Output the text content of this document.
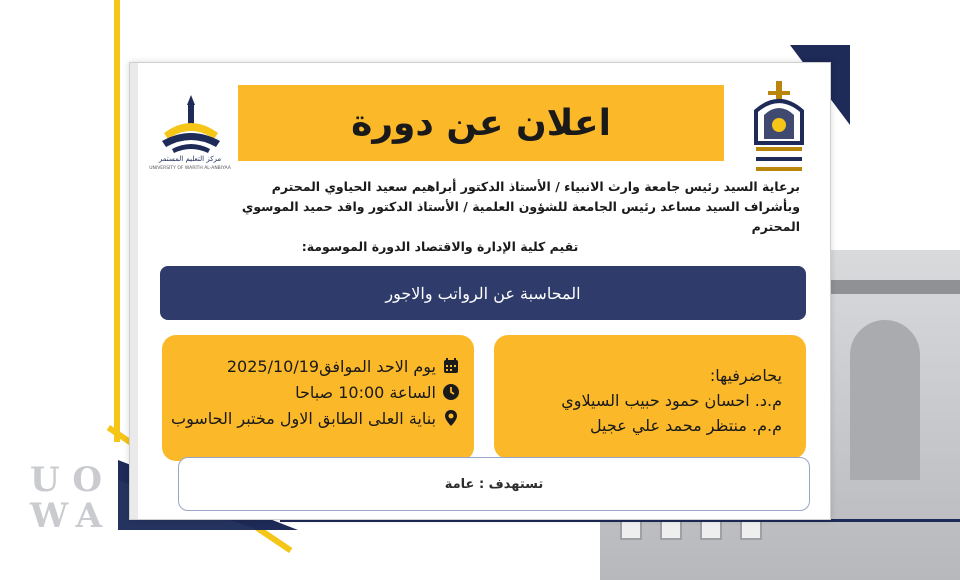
U O
W A
مركز التعليم المستمر
UNIVERSITY OF WARITH AL-ANBIYAA
اعلان عن دورة
برعاية السيد رئيس جامعة وارث الانبياء / الأستاذ الدكتور أبراهيم سعيد الحياوي المحترم
وبأشراف السيد مساعد رئيس الجامعة للشؤون العلمية / الأستاذ الدكتور واقد حميد الموسوي المحترم
تقيم كلية الإدارة والاقتصاد الدورة الموسومة:
المحاسبة عن الرواتب والاجور
يوم الاحد الموافق2025/10/19
الساعة 10:00 صباحا
بناية العلى الطابق الاول مختبر الحاسوب
يحاضرفيها:
م.د. احسان حمود حبيب السيلاوي
م.م. منتظر محمد علي عجيل
تستهدف : عامة
